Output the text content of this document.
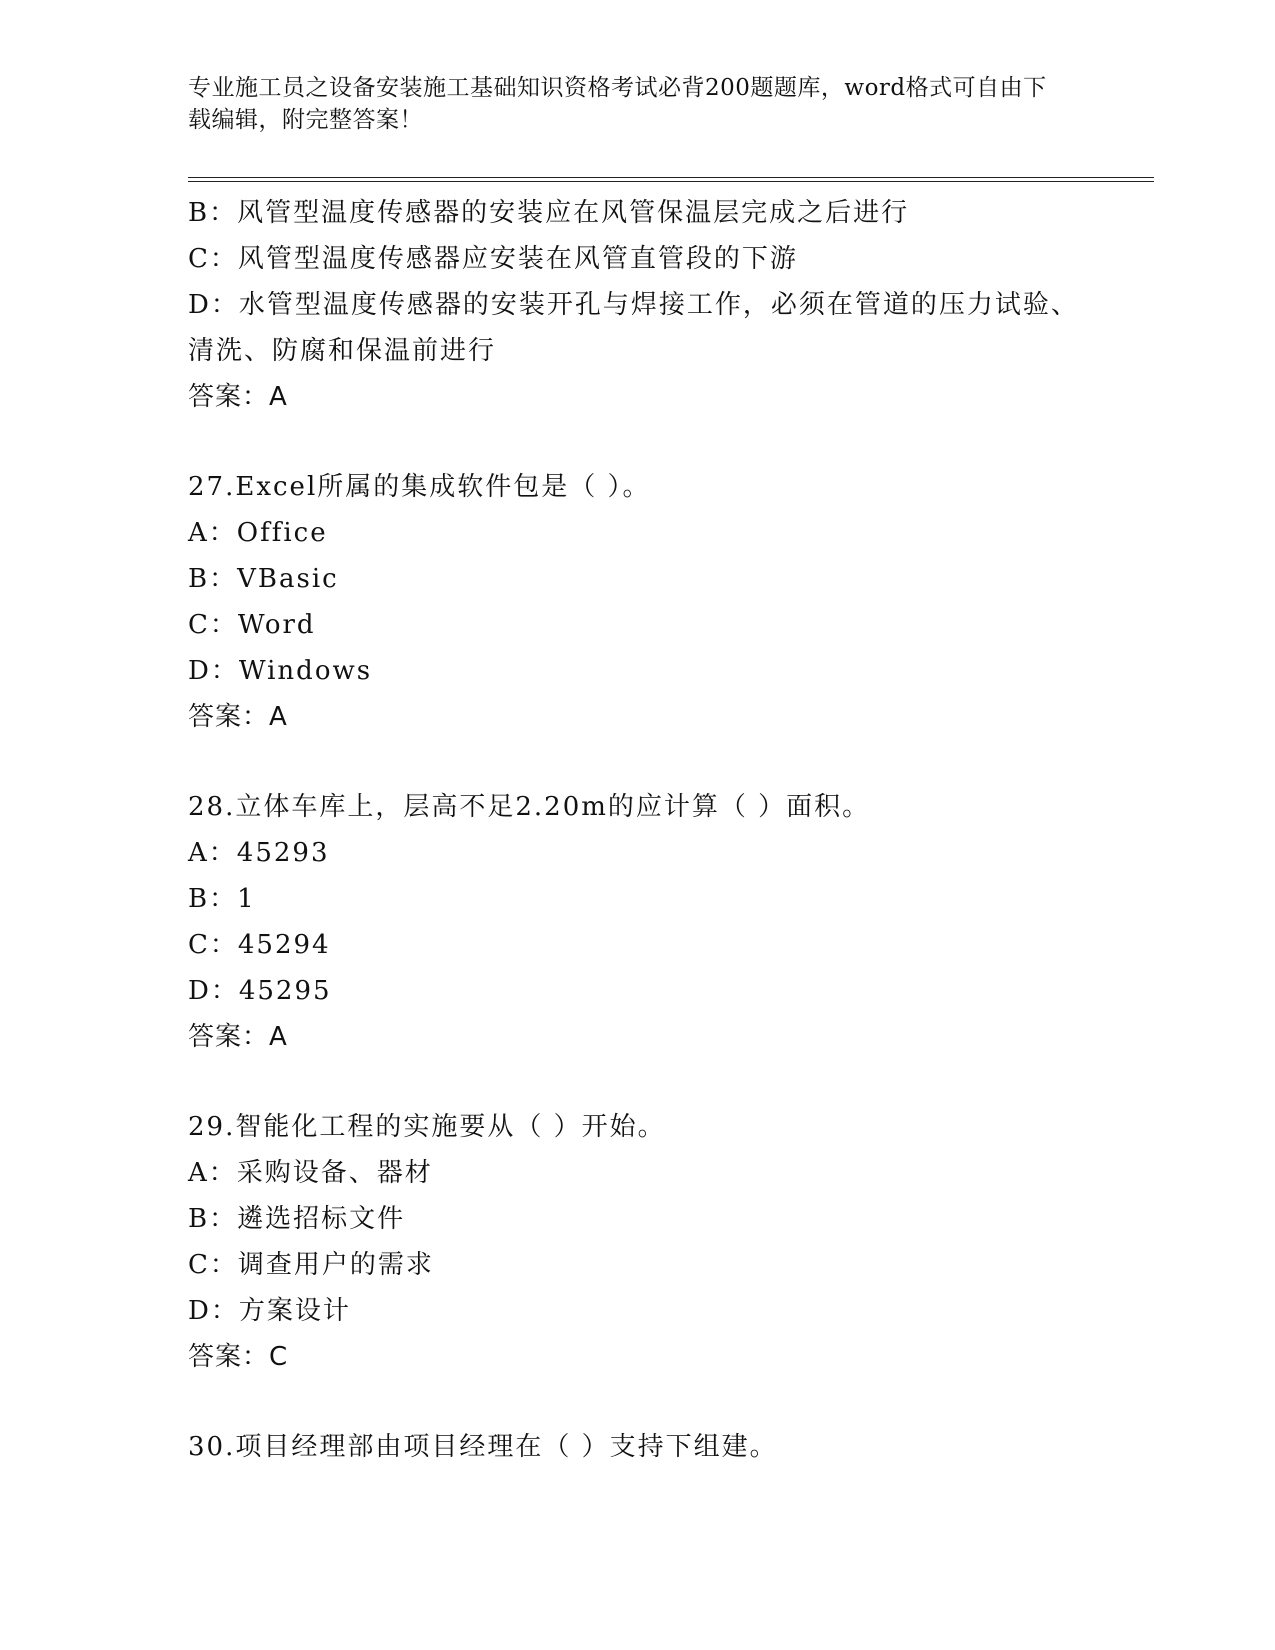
专业施工员之设备安装施工基础知识资格考试必背200题题库，word格式可自由下载编辑，附完整答案！
B：风管型温度传感器的安装应在风管保温层完成之后进行
C：风管型温度传感器应安装在风管直管段的下游
D：水管型温度传感器的安装开孔与焊接工作，必须在管道的压力试验、清洗、防腐和保温前进行
答案：A
27.Excel所属的集成软件包是（ ）。
A：Office
B：VBasic
C：Word
D：Windows
答案：A
28.立体车库上，层高不足2.20m的应计算（ ）面积。
A：45293
B：1
C：45294
D：45295
答案：A
29.智能化工程的实施要从（ ）开始。
A：采购设备、器材
B：遴选招标文件
C：调查用户的需求
D：方案设计
答案：C
30.项目经理部由项目经理在（ ）支持下组建。
